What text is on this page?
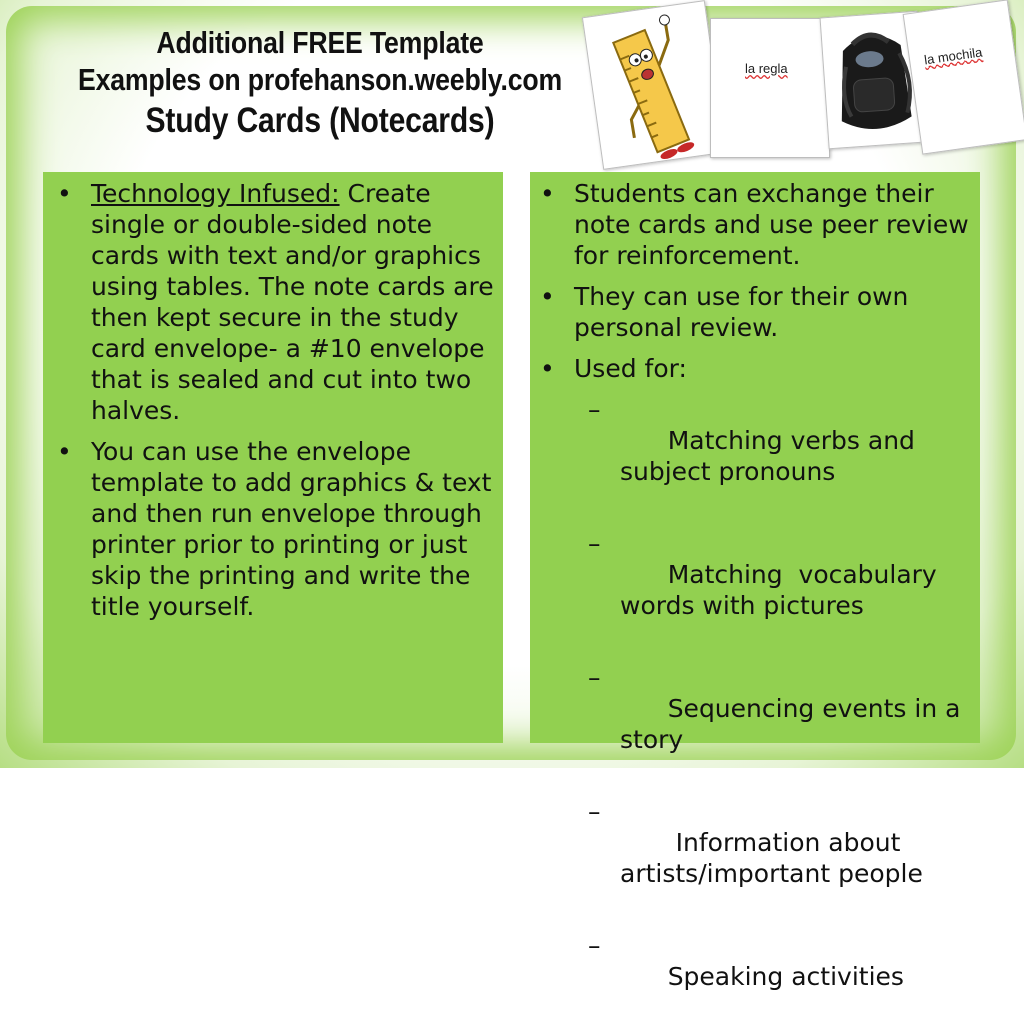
Additional FREE Template
Examples on profehanson.weebly.com
Study Cards (Notecards)
la regla
la mochila
• Technology Infused: Create single or double-sided note cards with text and/or graphics using tables. The note cards are then kept secure in the study card envelope- a #10 envelope that is sealed and cut into two halves.
• You can use the envelope template to add graphics & text and then run envelope through printer prior to printing or just skip the printing and write the title yourself.
• Students can exchange their note cards and use peer review for reinforcement.
• They can use for their own personal review.
• Used for:

–
Matching verbs and subject pronouns

–
Matching  vocabulary words with pictures

–
Sequencing events in a story

–
Information about artists/important people

–
Speaking activities
